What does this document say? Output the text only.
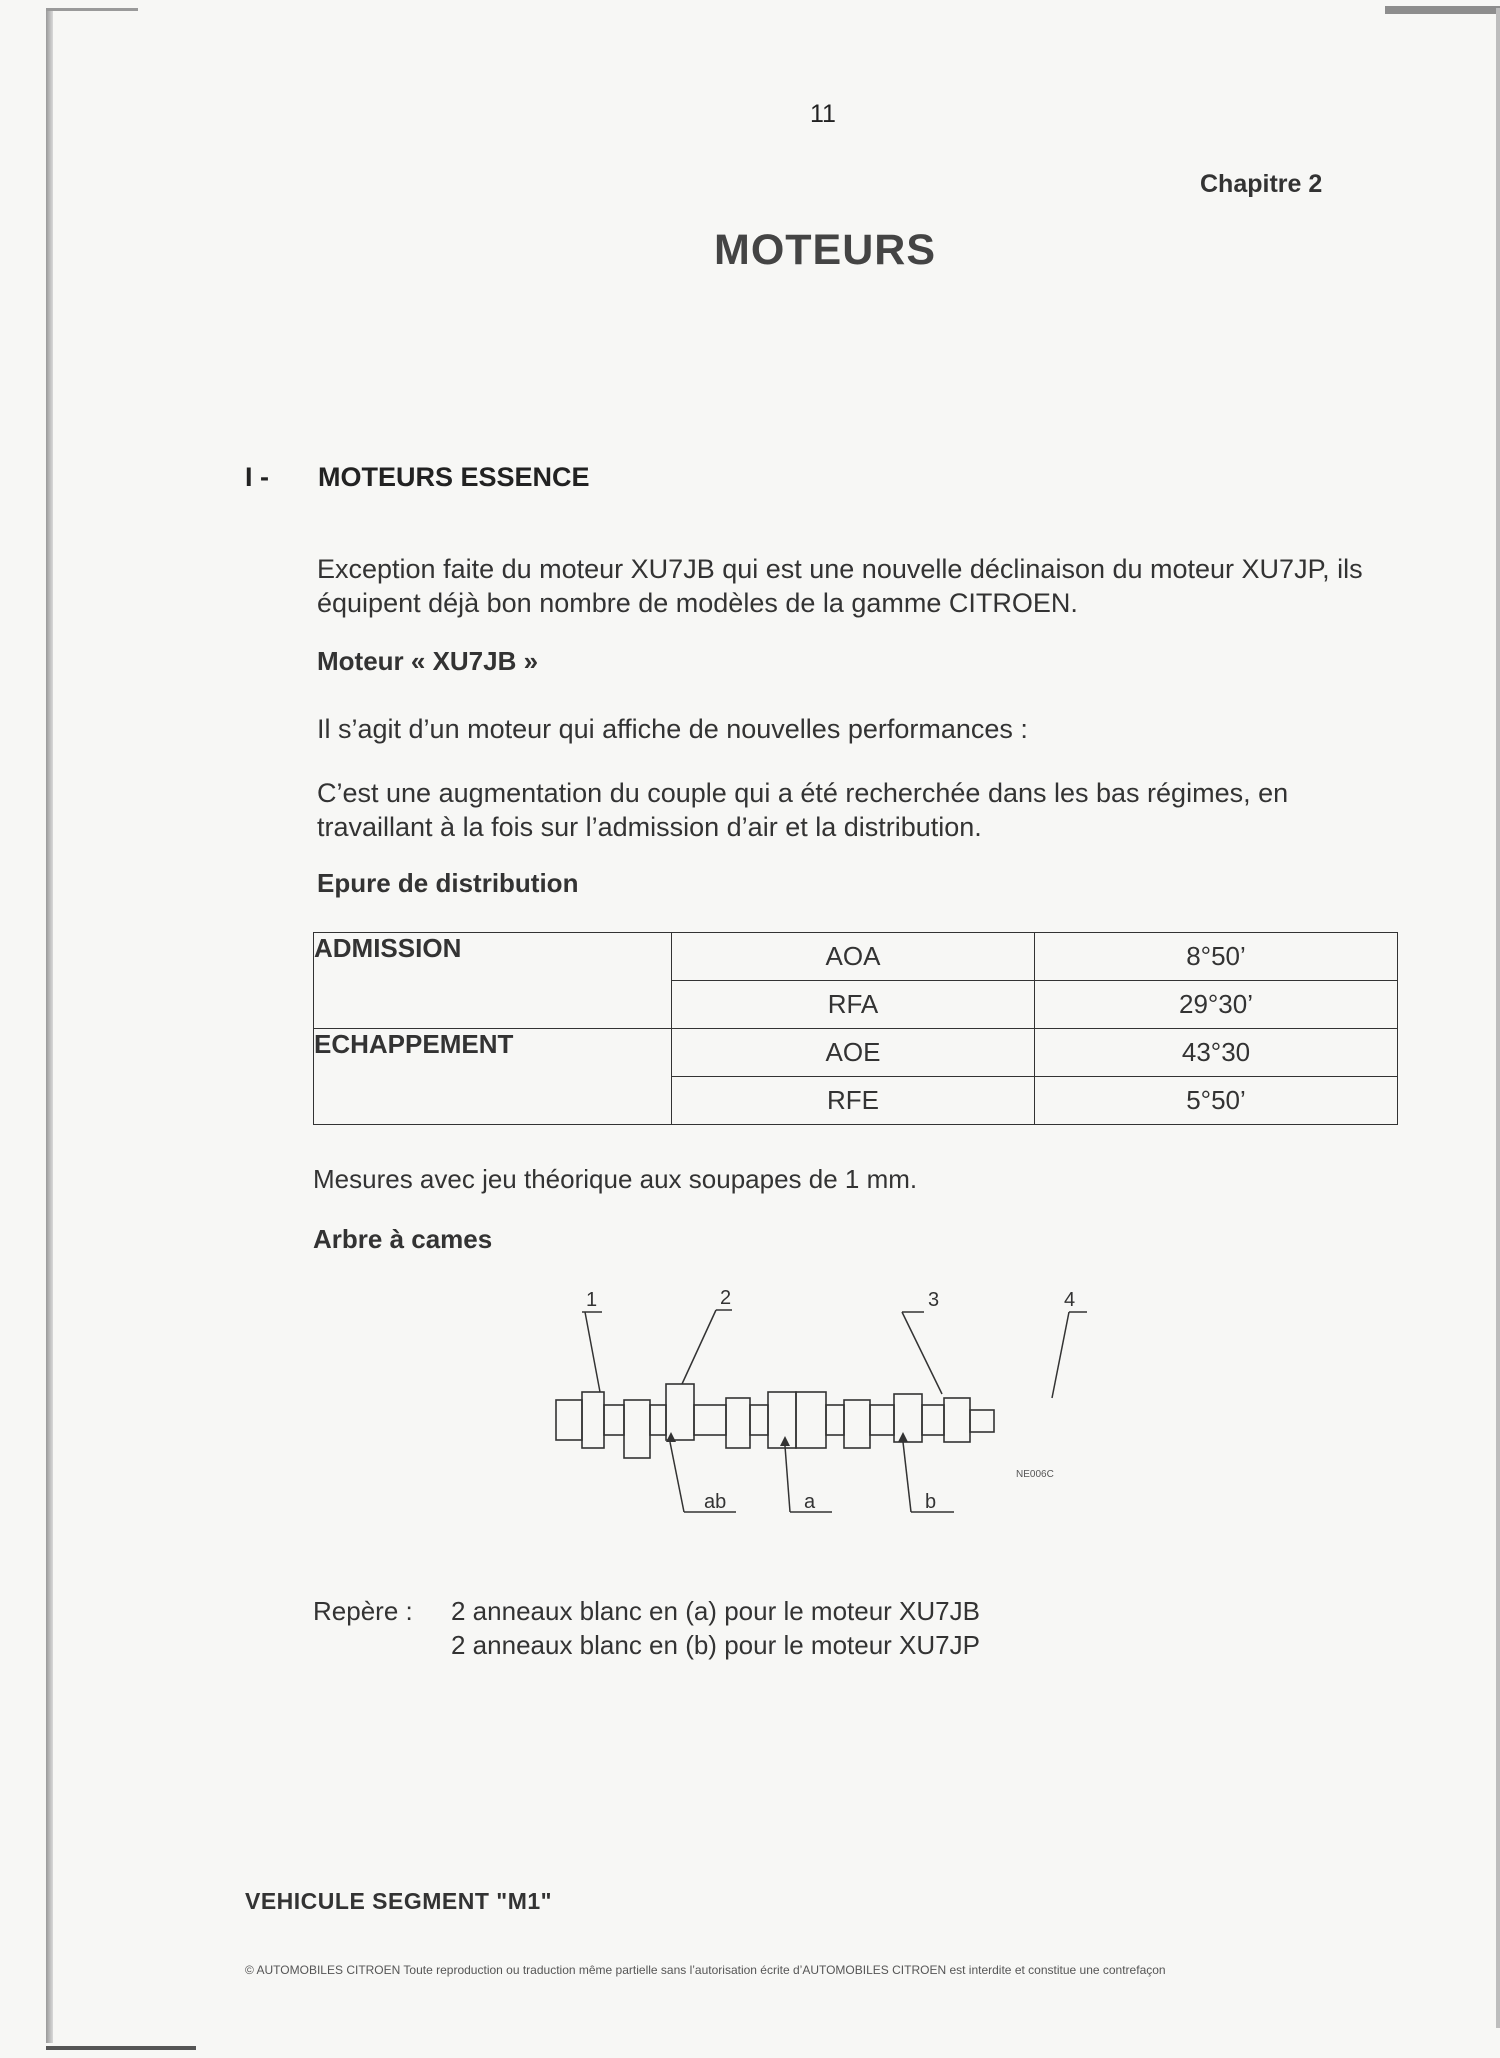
11
Chapitre 2
MOTEURS
I - MOTEURS ESSENCE

Exception faite du moteur XU7JB qui est une nouvelle déclinaison du moteur XU7JP, ils équipent déjà bon nombre de modèles de la gamme CITROEN.

Moteur « XU7JB »

Il s’agit d’un moteur qui affiche de nouvelles performances :

C’est une augmentation du couple qui a été recherchée dans les bas régimes, en travaillant à la fois sur l’admission d’air et la distribution.

Epure de distribution
ADMISSION	AOA	8°50’
	RFA	29°30’
ECHAPPEMENT	AOE	43°30
	RFE	5°50’

Mesures avec jeu théorique aux soupapes de 1 mm.

Arbre à cames
1	2	3	4
ab	a	b
NE006C
Repère : 2 anneaux blanc en (a) pour le moteur XU7JB
2 anneaux blanc en (b) pour le moteur XU7JP
VEHICULE SEGMENT "M1"
© AUTOMOBILES CITROEN Toute reproduction ou traduction même partielle sans l’autorisation écrite d’AUTOMOBILES CITROEN est interdite et constitue une contrefaçon
